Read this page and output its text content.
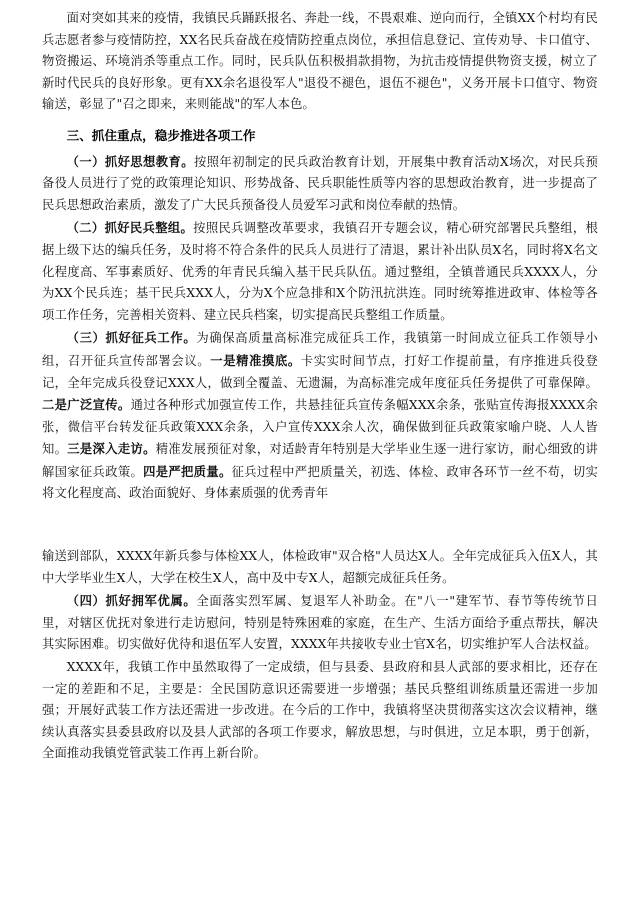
面对突如其来的疫情，我镇民兵踊跃报名、奔赴一线，不畏艰难、逆向而行，全镇XX个村均有民兵志愿者参与疫情防控，XX名民兵奋战在疫情防控重点岗位，承担信息登记、宣传劝导、卡口值守、物资搬运、环境消杀等重点工作。同时，民兵队伍积极捐款捐物，为抗击疫情提供物资支援，树立了新时代民兵的良好形象。更有XX余名退役军人"退役不褪色，退伍不褪色"，义务开展卡口值守、物资输送，彰显了"召之即来，来则能战"的军人本色。

三、抓住重点，稳步推进各项工作

（一）抓好思想教育。按照年初制定的民兵政治教育计划，开展集中教育活动X场次，对民兵预备役人员进行了党的政策理论知识、形势战备、民兵职能性质等内容的思想政治教育，进一步提高了民兵思想政治素质，激发了广大民兵预备役人员爱军习武和岗位奉献的热情。

（二）抓好民兵整组。按照民兵调整改革要求，我镇召开专题会议，精心研究部署民兵整组，根据上级下达的编兵任务，及时将不符合条件的民兵人员进行了清退，累计补出队员X名，同时将X名文化程度高、军事素质好、优秀的年青民兵编入基干民兵队伍。通过整组，全镇普通民兵XXXX人，分为XX个民兵连；基干民兵XXX人，分为X个应急排和X个防汛抗洪连。同时统筹推进政审、体检等各项工作任务，完善相关资料、建立民兵档案，切实提高民兵整组工作质量。

（三）抓好征兵工作。为确保高质量高标准完成征兵工作，我镇第一时间成立征兵工作领导小组，召开征兵宣传部署会议。一是精准摸底。卡实实时间节点，打好工作提前量，有序推进兵役登记，全年完成兵役登记XXX人，做到全覆盖、无遗漏，为高标准完成年度征兵任务提供了可靠保障。二是广泛宣传。通过各种形式加强宣传工作，共悬挂征兵宣传条幅XXX余条，张贴宣传海报XXXX余张，微信平台转发征兵政策XXX余条，入户宣传XXX余人次，确保做到征兵政策家喻户晓、人人皆知。三是深入走访。精准发展预征对象，对适龄青年特别是大学毕业生逐一进行家访，耐心细致的讲解国家征兵政策。四是严把质量。征兵过程中严把质量关，初选、体检、政审各环节一丝不苟，切实将文化程度高、政治面貌好、身体素质强的优秀青年

输送到部队，XXXX年新兵参与体检XX人，体检政审"双合格"人员达X人。全年完成征兵入伍X人，其中大学毕业生X人，大学在校生X人，高中及中专X人，超额完成征兵任务。

（四）抓好拥军优属。全面落实烈军属、复退军人补助金。在"八一"建军节、春节等传统节日里，对辖区优抚对象进行走访慰问，特别是特殊困难的家庭，在生产、生活方面给予重点帮扶，解决其实际困难。切实做好优待和退伍军人安置，XXXX年共接收专业士官X名，切实维护军人合法权益。

XXXX年，我镇工作中虽然取得了一定成绩，但与县委、县政府和县人武部的要求相比，还存在一定的差距和不足，主要是：全民国防意识还需要进一步增强；基民兵整组训练质量还需进一步加强；开展好武装工作方法还需进一步改进。在今后的工作中，我镇将坚决贯彻落实这次会议精神，继续认真落实县委县政府以及县人武部的各项工作要求，解放思想，与时俱进，立足本职，勇于创新，全面推动我镇党管武装工作再上新台阶。
